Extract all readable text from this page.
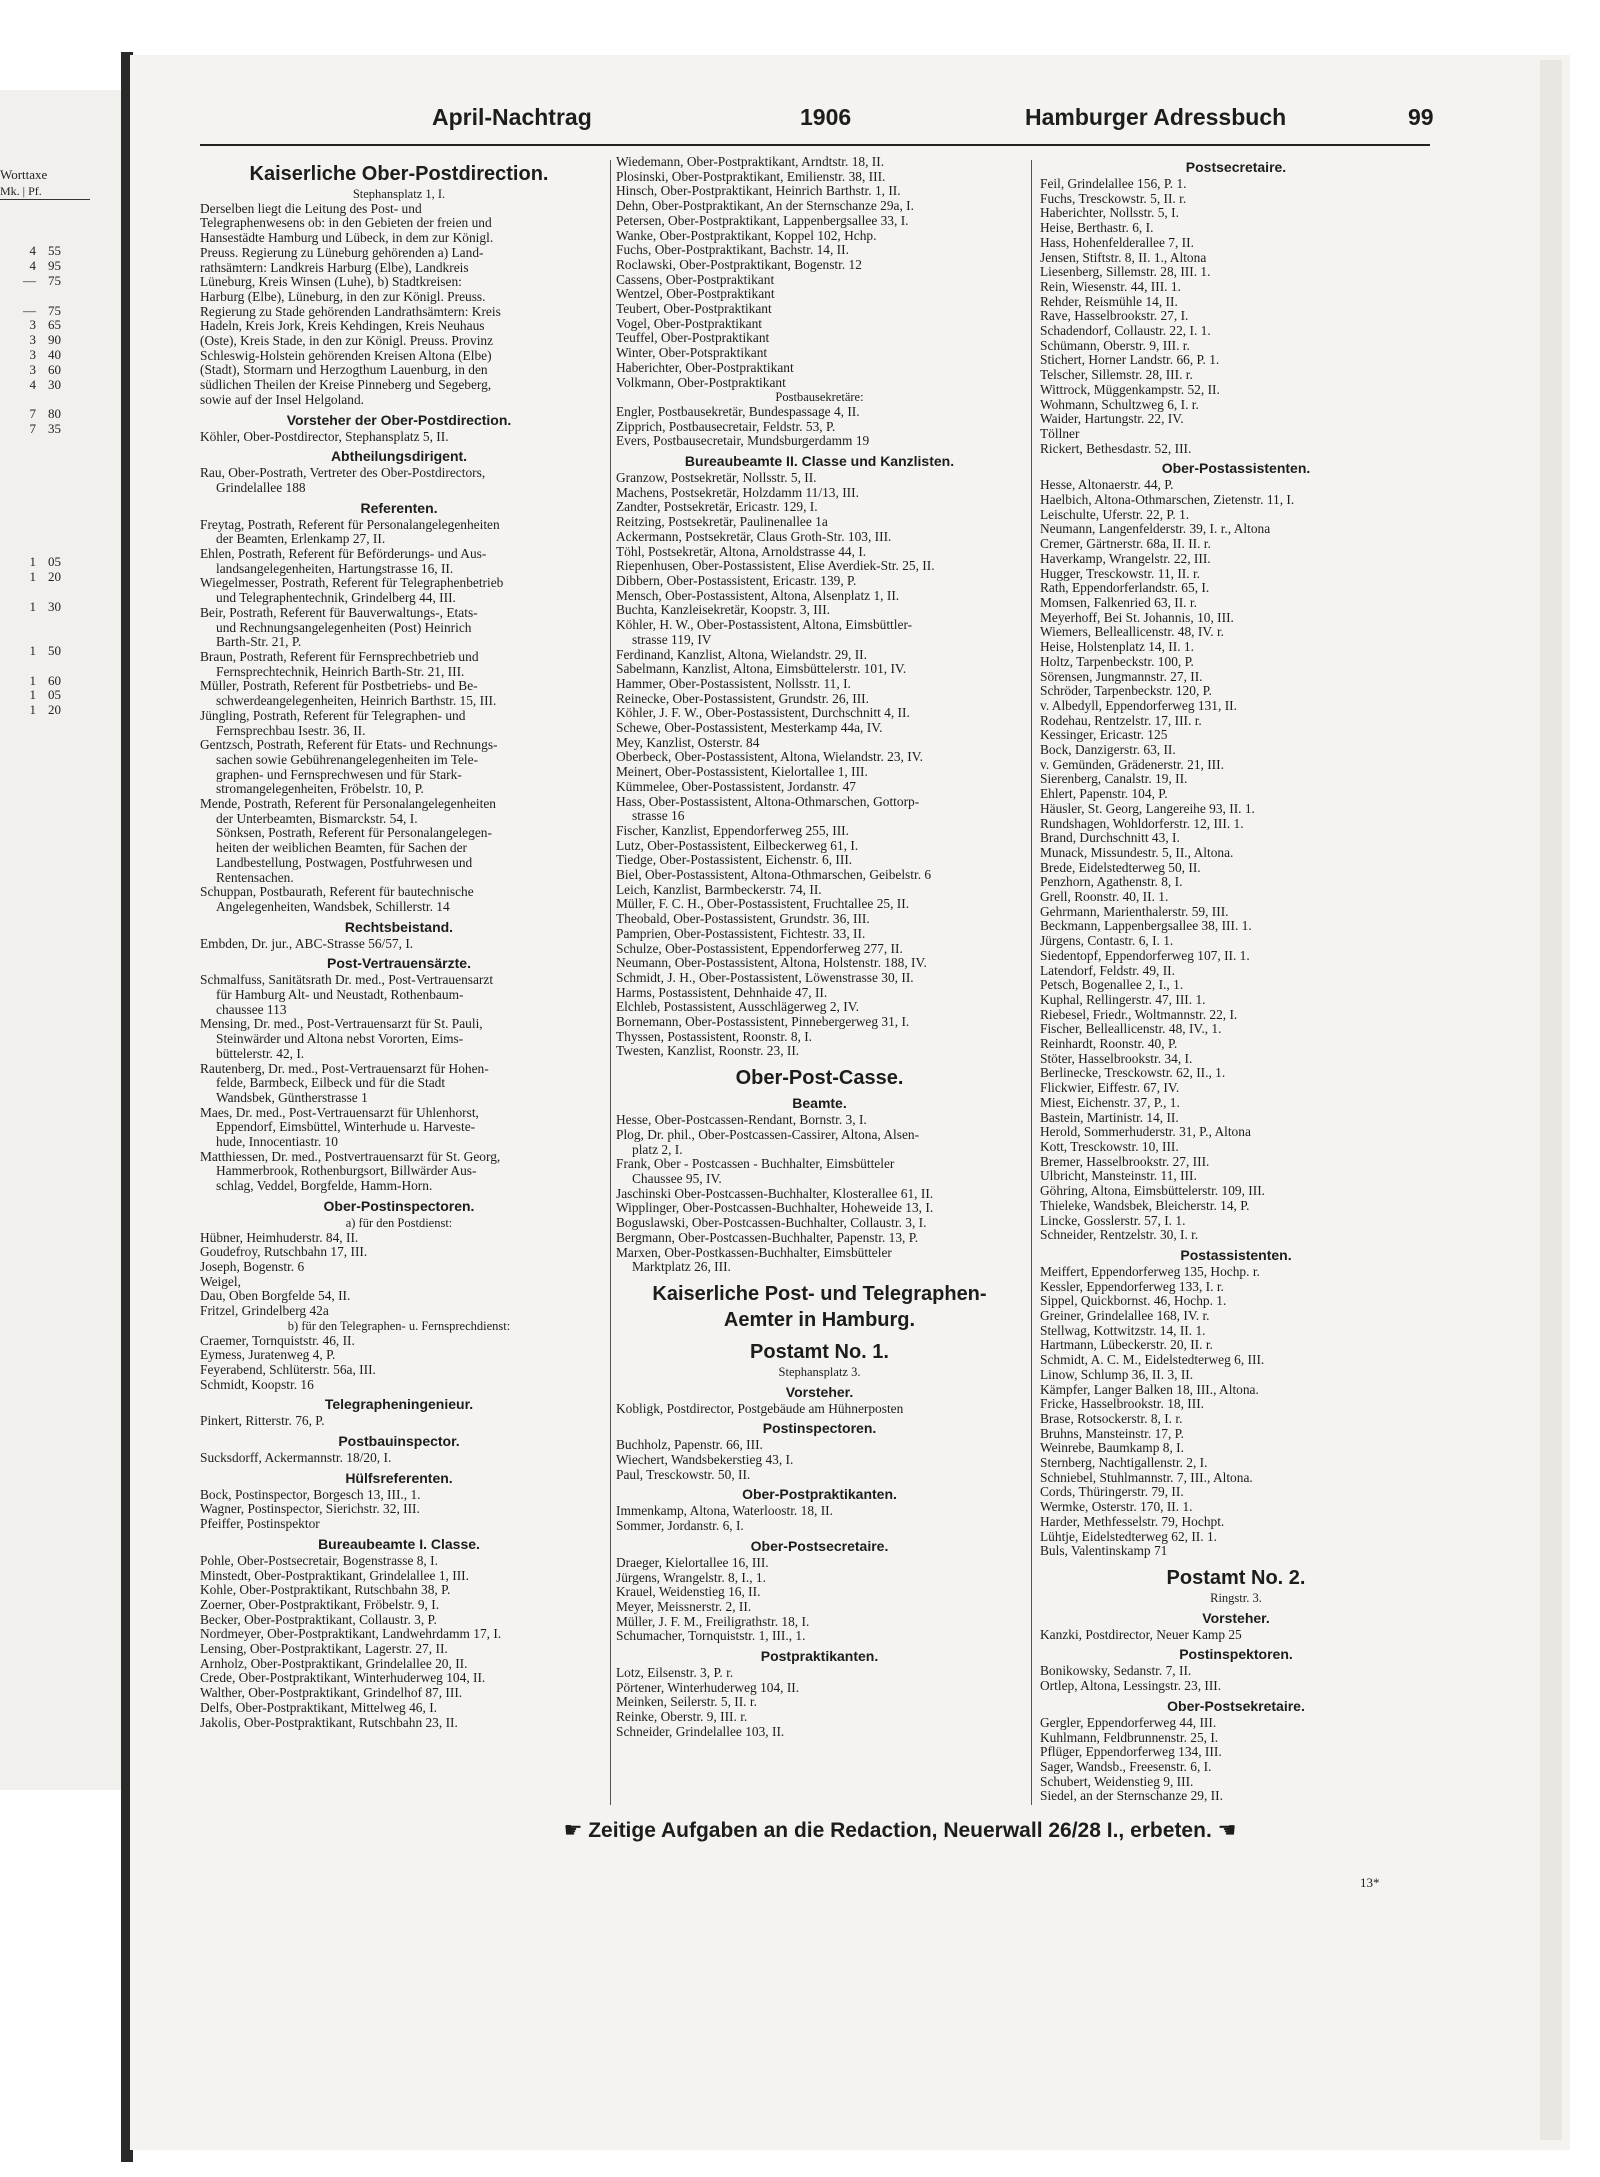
April-Nachtrag	1906	Hamburger Adressbuch	99
Worttaxe
Mk. | Pf.
4 55
4 95
— 75
— 75
3 65
3 90
3 40
3 60
4 30
7 80
7 35
1 05
1 20
1 30
1 50
1 60
1 05
1 20
Kaiserliche Ober-Postdirection.
Stephansplatz 1, I.
Derselben liegt die Leitung des Post- und
Telegraphenwesens ob: in den Gebieten der freien und
Hansestädte Hamburg und Lübeck, in dem zur Königl.
Preuss. Regierung zu Lüneburg gehörenden a) Land-
rathsämtern: Landkreis Harburg (Elbe), Landkreis
Lüneburg, Kreis Winsen (Luhe), b) Stadtkreisen:
Harburg (Elbe), Lüneburg, in den zur Königl. Preuss.
Regierung zu Stade gehörenden Landrathsämtern: Kreis
Hadeln, Kreis Jork, Kreis Kehdingen, Kreis Neuhaus
(Oste), Kreis Stade, in den zur Königl. Preuss. Provinz
Schleswig-Holstein gehörenden Kreisen Altona (Elbe)
(Stadt), Stormarn und Herzogthum Lauenburg, in den
südlichen Theilen der Kreise Pinneberg und Segeberg,
sowie auf der Insel Helgoland.
Vorsteher der Ober-Postdirection.
Köhler, Ober-Postdirector, Stephansplatz 5, II.
Abtheilungsdirigent.
Rau, Ober-Postrath, Vertreter des Ober-Postdirectors,
Grindelallee 188
Referenten.
Freytag, Postrath, Referent für Personalangelegenheiten
der Beamten, Erlenkamp 27, II.
Ehlen, Postrath, Referent für Beförderungs- und Aus-
landsangelegenheiten, Hartungstrasse 16, II.
Wiegelmesser, Postrath, Referent für Telegraphenbetrieb
und Telegraphentechnik, Grindelberg 44, III.
Beir, Postrath, Referent für Bauverwaltungs-, Etats-
und Rechnungsangelegenheiten (Post) Heinrich
Barth-Str. 21, P.
Braun, Postrath, Referent für Fernsprechbetrieb und
Fernsprechtechnik, Heinrich Barth-Str. 21, III.
Müller, Postrath, Referent für Postbetriebs- und Be-
schwerdeangelegenheiten, Heinrich Barthstr. 15, III.
Jüngling, Postrath, Referent für Telegraphen- und
Fernsprechbau Isestr. 36, II.
Gentzsch, Postrath, Referent für Etats- und Rechnungs-
sachen sowie Gebührenangelegenheiten im Tele-
graphen- und Fernsprechwesen und für Stark-
stromangelegenheiten, Fröbelstr. 10, P.
Mende, Postrath, Referent für Personalangelegenheiten
der Unterbeamten, Bismarckstr. 54, I.
Sönksen, Postrath, Referent für Personalangelegen-
heiten der weiblichen Beamten, für Sachen der
Landbestellung, Postwagen, Postfuhrwesen und
Rentensachen.
Schuppan, Postbaurath, Referent für bautechnische
Angelegenheiten, Wandsbek, Schillerstr. 14
Rechtsbeistand.
Embden, Dr. jur., ABC-Strasse 56/57, I.
Post-Vertrauensärzte.
Schmalfuss, Sanitätsrath Dr. med., Post-Vertrauensarzt
für Hamburg Alt- und Neustadt, Rothenbaum-
chaussee 113
Mensing, Dr. med., Post-Vertrauensarzt für St. Pauli,
Steinwärder und Altona nebst Vororten, Eims-
büttelerstr. 42, I.
Rautenberg, Dr. med., Post-Vertrauensarzt für Hohen-
felde, Barmbeck, Eilbeck und für die Stadt
Wandsbek, Güntherstrasse 1
Maes, Dr. med., Post-Vertrauensarzt für Uhlenhorst,
Eppendorf, Eimsbüttel, Winterhude u. Harveste-
hude, Innocentiastr. 10
Matthiessen, Dr. med., Postvertrauensarzt für St. Georg,
Hammerbrook, Rothenburgsort, Billwärder Aus-
schlag, Veddel, Borgfelde, Hamm-Horn.
Ober-Postinspectoren.
a) für den Postdienst:
Hübner, Heimhuderstr. 84, II.
Goudefroy, Rutschbahn 17, III.
Joseph, Bogenstr. 6
Weigel,
Dau, Oben Borgfelde 54, II.
Fritzel, Grindelberg 42a
b) für den Telegraphen- u. Fernsprechdienst:
Craemer, Tornquiststr. 46, II.
Eymess, Juratenweg 4, P.
Feyerabend, Schlüterstr. 56a, III.
Schmidt, Koopstr. 16
Telegrapheningenieur.
Pinkert, Ritterstr. 76, P.
Postbauinspector.
Sucksdorff, Ackermannstr. 18/20, I.
Hülfsreferenten.
Bock, Postinspector, Borgesch 13, III., 1.
Wagner, Postinspector, Sierichstr. 32, III.
Pfeiffer, Postinspektor
Bureaubeamte I. Classe.
Pohle, Ober-Postsecretair, Bogenstrasse 8, I.
Minstedt, Ober-Postpraktikant, Grindelallee 1, III.
Kohle, Ober-Postpraktikant, Rutschbahn 38, P.
Zoerner, Ober-Postpraktikant, Fröbelstr. 9, I.
Becker, Ober-Postpraktikant, Collaustr. 3, P.
Nordmeyer, Ober-Postpraktikant, Landwehrdamm 17, I.
Lensing, Ober-Postpraktikant, Lagerstr. 27, II.
Arnholz, Ober-Postpraktikant, Grindelallee 20, II.
Crede, Ober-Postpraktikant, Winterhuderweg 104, II.
Walther, Ober-Postpraktikant, Grindelhof 87, III.
Delfs, Ober-Postpraktikant, Mittelweg 46, I.
Jakolis, Ober-Postpraktikant, Rutschbahn 23, II.
Wiedemann, Ober-Postpraktikant, Arndtstr. 18, II.
Plosinski, Ober-Postpraktikant, Emilienstr. 38, III.
Hinsch, Ober-Postpraktikant, Heinrich Barthstr. 1, II.
Dehn, Ober-Postpraktikant, An der Sternschanze 29a, I.
Petersen, Ober-Postpraktikant, Lappenbergsallee 33, I.
Wanke, Ober-Postpraktikant, Koppel 102, Hchp.
Fuchs, Ober-Postpraktikant, Bachstr. 14, II.
Roclawski, Ober-Postpraktikant, Bogenstr. 12
Cassens, Ober-Postpraktikant
Wentzel, Ober-Postpraktikant
Teubert, Ober-Postpraktikant
Vogel, Ober-Postpraktikant
Teuffel, Ober-Postpraktikant
Winter, Ober-Potspraktikant
Haberichter, Ober-Postpraktikant
Volkmann, Ober-Postpraktikant
Postbausekretäre:
Engler, Postbausekretär, Bundespassage 4, II.
Zipprich, Postbausecretair, Feldstr. 53, P.
Evers, Postbausecretair, Mundsburgerdamm 19
Bureaubeamte II. Classe und Kanzlisten.
Granzow, Postsekretär, Nollsstr. 5, II.
Machens, Postsekretär, Holzdamm 11/13, III.
Zandter, Postsekretär, Ericastr. 129, I.
Reitzing, Postsekretär, Paulinenallee 1a
Ackermann, Postsekretär, Claus Groth-Str. 103, III.
Töhl, Postsekretär, Altona, Arnoldstrasse 44, I.
Riepenhusen, Ober-Postassistent, Elise Averdiek-Str. 25, II.
Dibbern, Ober-Postassistent, Ericastr. 139, P.
Mensch, Ober-Postassistent, Altona, Alsenplatz 1, II.
Buchta, Kanzleisekretär, Koopstr. 3, III.
Köhler, H. W., Ober-Postassistent, Altona, Eimsbüttler-
strasse 119, IV
Ferdinand, Kanzlist, Altona, Wielandstr. 29, II.
Sabelmann, Kanzlist, Altona, Eimsbüttelerstr. 101, IV.
Hammer, Ober-Postassistent, Nollsstr. 11, I.
Reinecke, Ober-Postassistent, Grundstr. 26, III.
Köhler, J. F. W., Ober-Postassistent, Durchschnitt 4, II.
Schewe, Ober-Postassistent, Mesterkamp 44a, IV.
Mey, Kanzlist, Osterstr. 84
Oberbeck, Ober-Postassistent, Altona, Wielandstr. 23, IV.
Meinert, Ober-Postassistent, Kielortallee 1, III.
Kümmelee, Ober-Postassistent, Jordanstr. 47
Hass, Ober-Postassistent, Altona-Othmarschen, Gottorp-
strasse 16
Fischer, Kanzlist, Eppendorferweg 255, III.
Lutz, Ober-Postassistent, Eilbeckerweg 61, I.
Tiedge, Ober-Postassistent, Eichenstr. 6, III.
Biel, Ober-Postassistent, Altona-Othmarschen, Geibelstr. 6
Leich, Kanzlist, Barmbeckerstr. 74, II.
Müller, F. C. H., Ober-Postassistent, Fruchtallee 25, II.
Theobald, Ober-Postassistent, Grundstr. 36, III.
Pamprien, Ober-Postassistent, Fichtestr. 33, II.
Schulze, Ober-Postassistent, Eppendorferweg 277, II.
Neumann, Ober-Postassistent, Altona, Holstenstr. 188, IV.
Schmidt, J. H., Ober-Postassistent, Löwenstrasse 30, II.
Harms, Postassistent, Dehnhaide 47, II.
Elchleb, Postassistent, Ausschlägerweg 2, IV.
Bornemann, Ober-Postassistent, Pinnebergerweg 31, I.
Thyssen, Postassistent, Roonstr. 8, I.
Twesten, Kanzlist, Roonstr. 23, II.
Ober-Post-Casse.
Beamte.
Hesse, Ober-Postcassen-Rendant, Bornstr. 3, I.
Plog, Dr. phil., Ober-Postcassen-Cassirer, Altona, Alsen-
platz 2, I.
Frank, Ober - Postcassen - Buchhalter, Eimsbütteler
Chaussee 95, IV.
Jaschinski Ober-Postcassen-Buchhalter, Klosterallee 61, II.
Wipplinger, Ober-Postcassen-Buchhalter, Hoheweide 13, I.
Boguslawski, Ober-Postcassen-Buchhalter, Collaustr. 3, I.
Bergmann, Ober-Postcassen-Buchhalter, Papenstr. 13, P.
Marxen, Ober-Postkassen-Buchhalter, Eimsbütteler
Marktplatz 26, III.
Kaiserliche Post- und Telegraphen-
Aemter in Hamburg.
Postamt No. 1.
Stephansplatz 3.
Vorsteher.
Kobligk, Postdirector, Postgebäude am Hühnerposten
Postinspectoren.
Buchholz, Papenstr. 66, III.
Wiechert, Wandsbekerstieg 43, I.
Paul, Tresckowstr. 50, II.
Ober-Postpraktikanten.
Immenkamp, Altona, Waterloostr. 18, II.
Sommer, Jordanstr. 6, I.
Ober-Postsecretaire.
Draeger, Kielortallee 16, III.
Jürgens, Wrangelstr. 8, I., 1.
Krauel, Weidenstieg 16, II.
Meyer, Meissnerstr. 2, II.
Müller, J. F. M., Freiligrathstr. 18, I.
Schumacher, Tornquiststr. 1, III., 1.
Postpraktikanten.
Lotz, Eilsenstr. 3, P. r.
Pörtener, Winterhuderweg 104, II.
Meinken, Seilerstr. 5, II. r.
Reinke, Oberstr. 9, III. r.
Schneider, Grindelallee 103, II.
Postsecretaire.
Feil, Grindelallee 156, P. 1.
Fuchs, Tresckowstr. 5, II. r.
Haberichter, Nollsstr. 5, I.
Heise, Berthastr. 6, I.
Hass, Hohenfelderallee 7, II.
Jensen, Stiftstr. 8, II. 1., Altona
Liesenberg, Sillemstr. 28, III. 1.
Rein, Wiesenstr. 44, III. 1.
Rehder, Reismühle 14, II.
Rave, Hasselbrookstr. 27, I.
Schadendorf, Collaustr. 22, I. 1.
Schümann, Oberstr. 9, III. r.
Stichert, Horner Landstr. 66, P. 1.
Telscher, Sillemstr. 28, III. r.
Wittrock, Müggenkampstr. 52, II.
Wohmann, Schultzweg 6, I. r.
Waider, Hartungstr. 22, IV.
Töllner
Rickert, Bethesdastr. 52, III.
Ober-Postassistenten.
Hesse, Altonaerstr. 44, P.
Haelbich, Altona-Othmarschen, Zietenstr. 11, I.
Leischulte, Uferstr. 22, P. 1.
Neumann, Langenfelderstr. 39, I. r., Altona
Cremer, Gärtnerstr. 68a, II. II. r.
Haverkamp, Wrangelstr. 22, III.
Hugger, Tresckowstr. 11, II. r.
Rath, Eppendorferlandstr. 65, I.
Momsen, Falkenried 63, II. r.
Meyerhoff, Bei St. Johannis, 10, III.
Wiemers, Belleallicenstr. 48, IV. r.
Heise, Holstenplatz 14, II. 1.
Holtz, Tarpenbeckstr. 100, P.
Sörensen, Jungmannstr. 27, II.
Schröder, Tarpenbeckstr. 120, P.
v. Albedyll, Eppendorferweg 131, II.
Rodehau, Rentzelstr. 17, III. r.
Kessinger, Ericastr. 125
Bock, Danzigerstr. 63, II.
v. Gemünden, Grädenerstr. 21, III.
Sierenberg, Canalstr. 19, II.
Ehlert, Papenstr. 104, P.
Häusler, St. Georg, Langereihe 93, II. 1.
Rundshagen, Wohldorferstr. 12, III. 1.
Brand, Durchschnitt 43, I.
Munack, Missundestr. 5, II., Altona.
Brede, Eidelstedterweg 50, II.
Penzhorn, Agathenstr. 8, I.
Grell, Roonstr. 40, II. 1.
Gehrmann, Marienthalerstr. 59, III.
Beckmann, Lappenbergsallee 38, III. 1.
Jürgens, Contastr. 6, I. 1.
Siedentopf, Eppendorferweg 107, II. 1.
Latendorf, Feldstr. 49, II.
Petsch, Bogenallee 2, I., 1.
Kuphal, Rellingerstr. 47, III. 1.
Riebesel, Friedr., Woltmannstr. 22, I.
Fischer, Belleallicenstr. 48, IV., 1.
Reinhardt, Roonstr. 40, P.
Stöter, Hasselbrookstr. 34, I.
Berlinecke, Tresckowstr. 62, II., 1.
Flickwier, Eiffestr. 67, IV.
Miest, Eichenstr. 37, P., 1.
Bastein, Martinistr. 14, II.
Herold, Sommerhuderstr. 31, P., Altona
Kott, Tresckowstr. 10, III.
Bremer, Hasselbrookstr. 27, III.
Ulbricht, Mansteinstr. 11, III.
Göhring, Altona, Eimsbüttelerstr. 109, III.
Thieleke, Wandsbek, Bleicherstr. 14, P.
Lincke, Gosslerstr. 57, I. 1.
Schneider, Rentzelstr. 30, I. r.
Postassistenten.
Meiffert, Eppendorferweg 135, Hochp. r.
Kessler, Eppendorferweg 133, I. r.
Sippel, Quickbornst. 46, Hochp. 1.
Greiner, Grindelallee 168, IV. r.
Stellwag, Kottwitzstr. 14, II. 1.
Hartmann, Lübeckerstr. 20, II. r.
Schmidt, A. C. M., Eidelstedterweg 6, III.
Linow, Schlump 36, II. 3, II.
Kämpfer, Langer Balken 18, III., Altona.
Fricke, Hasselbrookstr. 18, III.
Brase, Rotsockerstr. 8, I. r.
Bruhns, Mansteinstr. 17, P.
Weinrebe, Baumkamp 8, I.
Sternberg, Nachtigallenstr. 2, I.
Schniebel, Stuhlmannstr. 7, III., Altona.
Cords, Thüringerstr. 79, II.
Wermke, Osterstr. 170, II. 1.
Harder, Methfesselstr. 79, Hochpt.
Lühtje, Eidelstedterweg 62, II. 1.
Buls, Valentinskamp 71
Postamt No. 2.
Ringstr. 3.
Vorsteher.
Kanzki, Postdirector, Neuer Kamp 25
Postinspektoren.
Bonikowsky, Sedanstr. 7, II.
Ortlep, Altona, Lessingstr. 23, III.
Ober-Postsekretaire.
Gergler, Eppendorferweg 44, III.
Kuhlmann, Feldbrunnenstr. 25, I.
Pflüger, Eppendorferweg 134, III.
Sager, Wandsb., Freesenstr. 6, I.
Schubert, Weidenstieg 9, III.
Siedel, an der Sternschanze 29, II.
☛ Zeitige Aufgaben an die Redaction, Neuerwall 26/28 I., erbeten. ☚
13*
